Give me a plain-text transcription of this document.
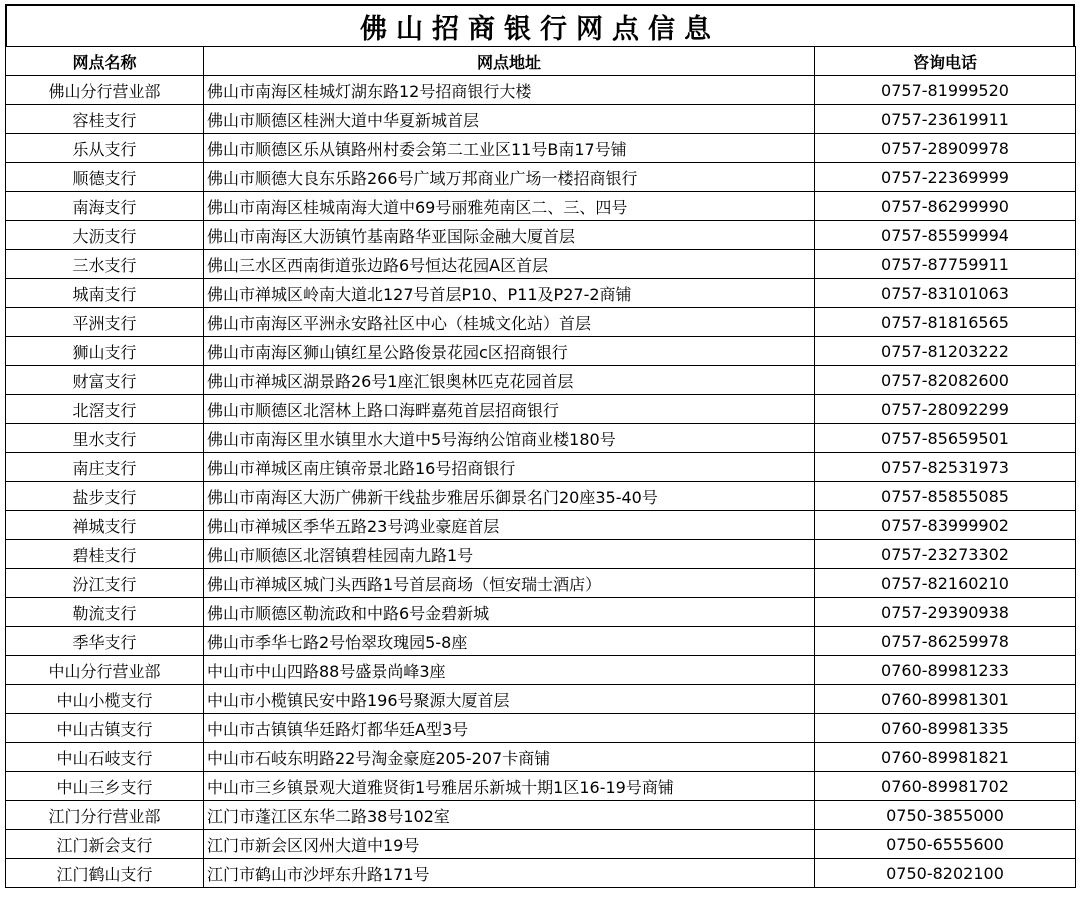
佛山招商银行网点信息
网点名称	网点地址	咨询电话
佛山分行营业部	佛山市南海区桂城灯湖东路12号招商银行大楼	0757-81999520
容桂支行	佛山市顺德区桂洲大道中华夏新城首层	0757-23619911
乐从支行	佛山市顺德区乐从镇路州村委会第二工业区11号B南17号铺	0757-28909978
顺德支行	佛山市顺德大良东乐路266号广域万邦商业广场一楼招商银行	0757-22369999
南海支行	佛山市南海区桂城南海大道中69号丽雅苑南区二、三、四号	0757-86299990
大沥支行	佛山市南海区大沥镇竹基南路华亚国际金融大厦首层	0757-85599994
三水支行	佛山三水区西南街道张边路6号恒达花园A区首层	0757-87759911
城南支行	佛山市禅城区岭南大道北127号首层P10、P11及P27-2商铺	0757-83101063
平洲支行	佛山市南海区平洲永安路社区中心（桂城文化站）首层	0757-81816565
狮山支行	佛山市南海区狮山镇红星公路俊景花园c区招商银行	0757-81203222
财富支行	佛山市禅城区湖景路26号1座汇银奥林匹克花园首层	0757-82082600
北滘支行	佛山市顺德区北滘林上路口海畔嘉苑首层招商银行	0757-28092299
里水支行	佛山市南海区里水镇里水大道中5号海纳公馆商业楼180号	0757-85659501
南庄支行	佛山市禅城区南庄镇帝景北路16号招商银行	0757-82531973
盐步支行	佛山市南海区大沥广佛新干线盐步雅居乐御景名门20座35-40号	0757-85855085
禅城支行	佛山市禅城区季华五路23号鸿业豪庭首层	0757-83999902
碧桂支行	佛山市顺德区北滘镇碧桂园南九路1号	0757-23273302
汾江支行	佛山市禅城区城门头西路1号首层商场（恒安瑞士酒店）	0757-82160210
勒流支行	佛山市顺德区勒流政和中路6号金碧新城	0757-29390938
季华支行	佛山市季华七路2号怡翠玫瑰园5-8座	0757-86259978
中山分行营业部	中山市中山四路88号盛景尚峰3座	0760-89981233
中山小榄支行	中山市小榄镇民安中路196号聚源大厦首层	0760-89981301
中山古镇支行	中山市古镇镇华廷路灯都华廷A型3号	0760-89981335
中山石岐支行	中山市石岐东明路22号淘金豪庭205-207卡商铺	0760-89981821
中山三乡支行	中山市三乡镇景观大道雅贤街1号雅居乐新城十期1区16-19号商铺	0760-89981702
江门分行营业部	江门市蓬江区东华二路38号102室	0750-3855000
江门新会支行	江门市新会区冈州大道中19号	0750-6555600
江门鹤山支行	江门市鹤山市沙坪东升路171号	0750-8202100
